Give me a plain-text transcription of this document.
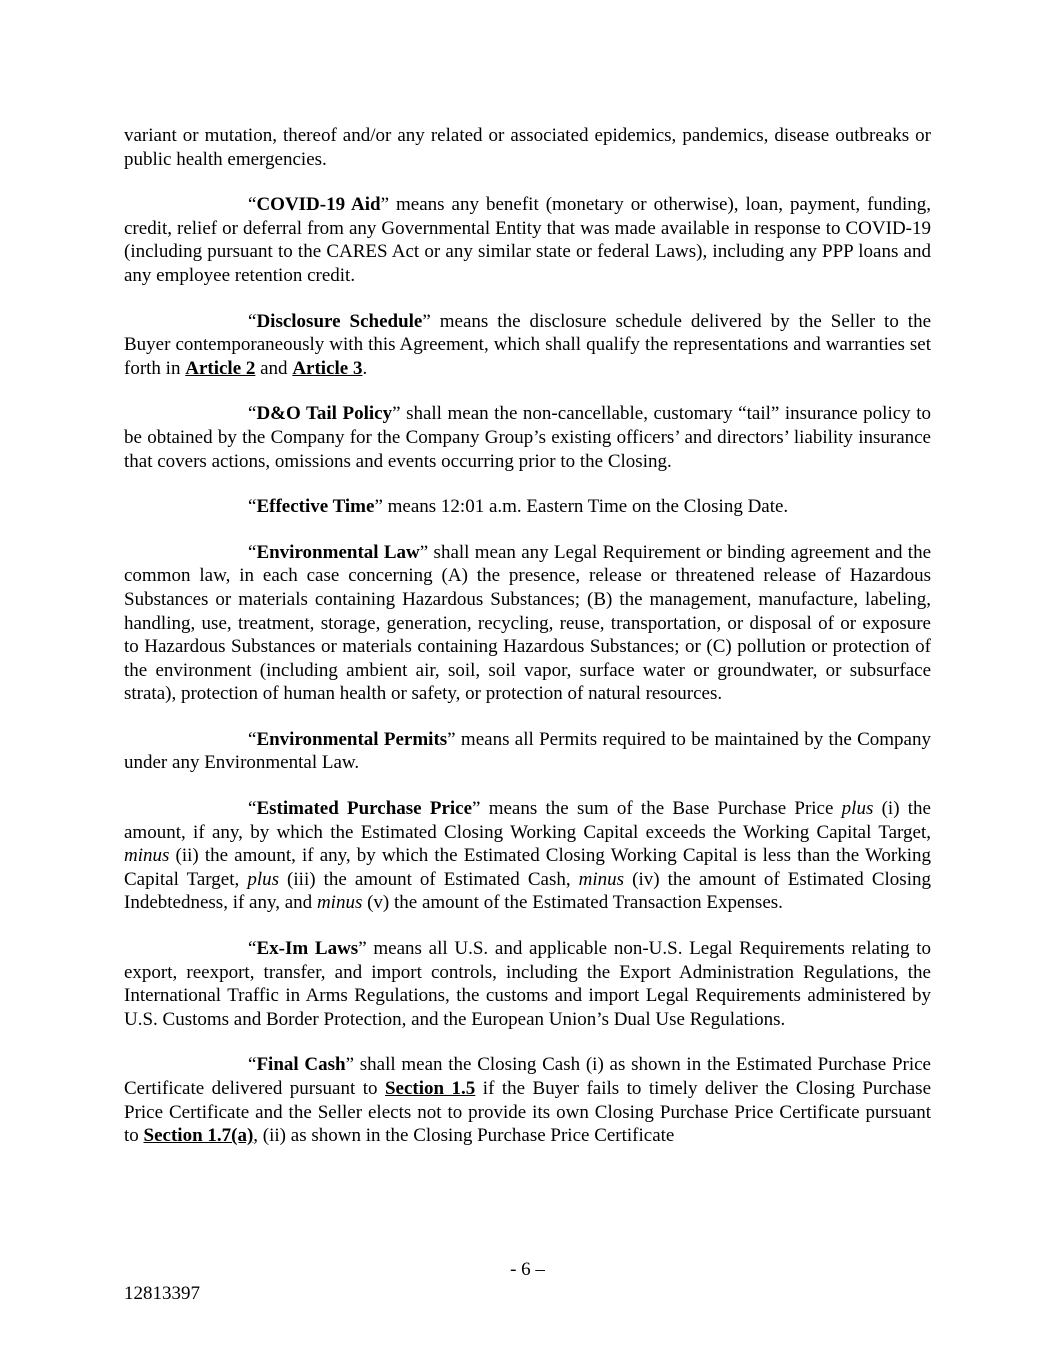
variant or mutation, thereof and/or any related or associated epidemics, pandemics, disease outbreaks or public health emergencies.

“COVID-19 Aid” means any benefit (monetary or otherwise), loan, payment, funding, credit, relief or deferral from any Governmental Entity that was made available in response to COVID-19 (including pursuant to the CARES Act or any similar state or federal Laws), including any PPP loans and any employee retention credit.

“Disclosure Schedule” means the disclosure schedule delivered by the Seller to the Buyer contemporaneously with this Agreement, which shall qualify the representations and warranties set forth in Article 2 and Article 3.

“D&O Tail Policy” shall mean the non-cancellable, customary “tail” insurance policy to be obtained by the Company for the Company Group’s existing officers’ and directors’ liability insurance that covers actions, omissions and events occurring prior to the Closing.

“Effective Time” means 12:01 a.m. Eastern Time on the Closing Date.

“Environmental Law” shall mean any Legal Requirement or binding agreement and the common law, in each case concerning (A) the presence, release or threatened release of Hazardous Substances or materials containing Hazardous Substances; (B) the management, manufacture, labeling, handling, use, treatment, storage, generation, recycling, reuse, transportation, or disposal of or exposure to Hazardous Substances or materials containing Hazardous Substances; or (C) pollution or protection of the environment (including ambient air, soil, soil vapor, surface water or groundwater, or subsurface strata), protection of human health or safety, or protection of natural resources.

“Environmental Permits” means all Permits required to be maintained by the Company under any Environmental Law.

“Estimated Purchase Price” means the sum of the Base Purchase Price plus (i) the amount, if any, by which the Estimated Closing Working Capital exceeds the Working Capital Target, minus (ii) the amount, if any, by which the Estimated Closing Working Capital is less than the Working Capital Target, plus (iii) the amount of Estimated Cash, minus (iv) the amount of Estimated Closing Indebtedness, if any, and minus (v) the amount of the Estimated Transaction Expenses.

“Ex-Im Laws” means all U.S. and applicable non-U.S. Legal Requirements relating to export, reexport, transfer, and import controls, including the Export Administration Regulations, the International Traffic in Arms Regulations, the customs and import Legal Requirements administered by U.S. Customs and Border Protection, and the European Union’s Dual Use Regulations.

“Final Cash” shall mean the Closing Cash (i) as shown in the Estimated Purchase Price Certificate delivered pursuant to Section 1.5 if the Buyer fails to timely deliver the Closing Purchase Price Certificate and the Seller elects not to provide its own Closing Purchase Price Certificate pursuant to Section 1.7(a), (ii) as shown in the Closing Purchase Price Certificate

- 6 –
12813397
